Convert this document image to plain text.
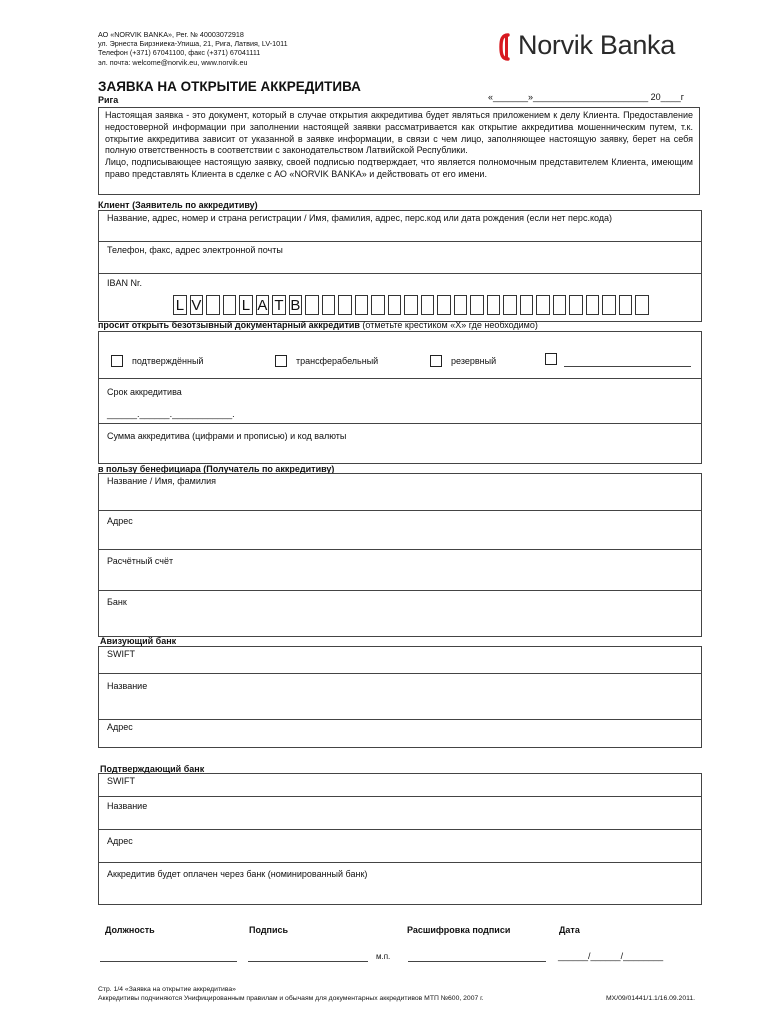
АО «NORVIK BANKA», Рег. № 40003072918
ул. Эрнеста Бирзниека-Упиша, 21, Рига, Латвия, LV-1011
Телефон (+371) 67041100, факс (+371) 67041111
эл. почта: welcome@norvik.eu, www.norvik.eu
Norvik Banka
ЗАЯВКА НА ОТКРЫТИЕ АККРЕДИТИВА
Рига	«_______»_______________________ 20____г

Настоящая заявка - это документ, который в случае открытия аккредитива будет являться приложением к делу Клиента. Предоставление недостоверной информации при заполнении настоящей заявки рассматривается как открытие аккредитива мошенническим путем, т.к. открытие аккредитива зависит от указанной в заявке информации, в связи с чем лицо, заполняющее настоящую заявку, берет на себя полную ответственность в соответствии с законодательством Латвийской Республики.

Лицо, подписывающее настоящую заявку, своей подписью подтверждает, что является полномочным представителем Клиента, имеющим право представлять Клиента в сделке с АО «NORVIK BANKA» и действовать от его имени.

Клиент (Заявитель по аккредитиву)
Название, адрес, номер и страна регистрации / Имя, фамилия, адрес, перс.код или дата рождения (если нет перс.кода)
Телефон, факс, адрес электронной почты
IBAN Nr.
L V	L A T B
просит открыть безотзывный документарный аккредитив (отметьте крестиком «X» где необходимо)
подтверждённый	трансферабельный	резервный
Срок аккредитива
______.______.____________.
Сумма аккредитива (цифрами и прописью) и код валюты
в пользу бенефициара (Получатель по аккредитиву)
Название / Имя, фамилия
Адрес
Расчётный счёт
Банк
Авизующий банк
SWIFT
Название
Адрес
Подтверждающий банк
SWIFT
Название
Адрес
Аккредитив будет оплачен через банк (номинированный банк)
Должность	Подпись	Расшифровка подписи	Дата
м.п.	______/______/________
Стр. 1/4 «Заявка на открытие аккредитива»
Аккредитивы подчиняются Унифицированным правилам и обычаям для документарных аккредитивов МТП №600, 2007 г.	MX/09/01441/1.1/16.09.2011.
